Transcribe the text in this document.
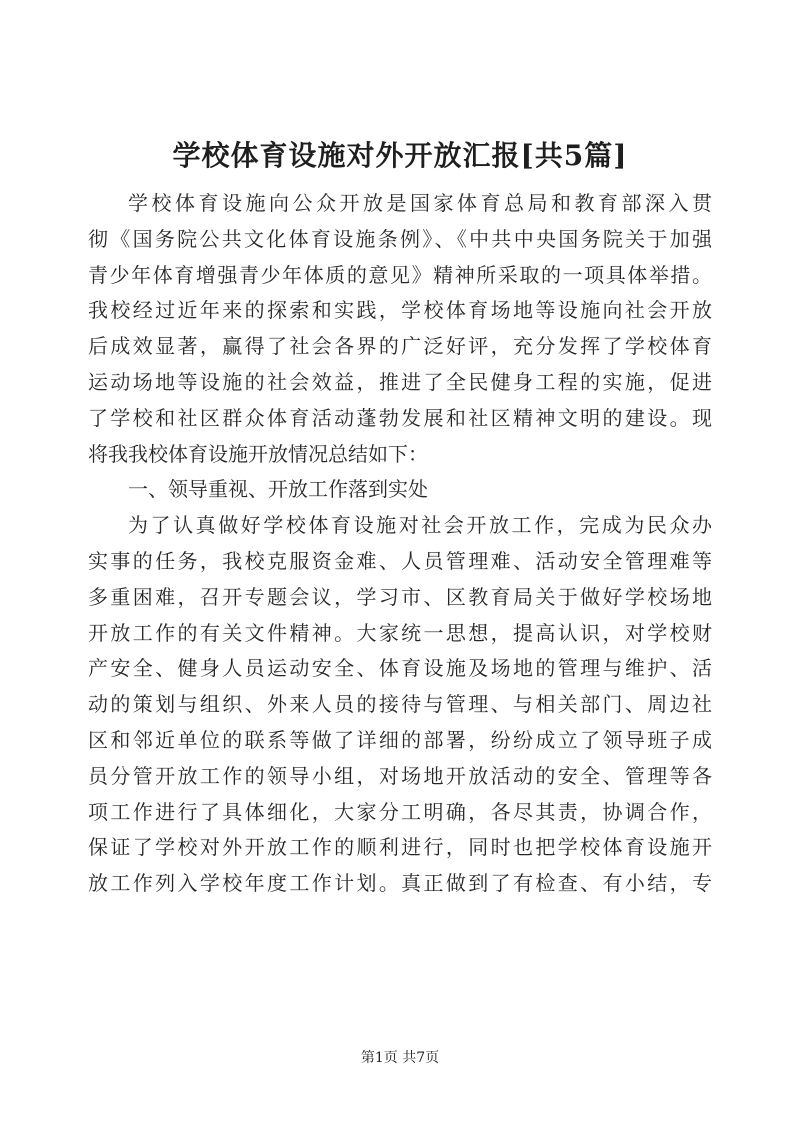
学校体育设施对外开放汇报[共5篇]
学校体育设施向公众开放是国家体育总局和教育部深入贯
彻《国务院公共文化体育设施条例》、《中共中央国务院关于加强
青少年体育增强青少年体质的意见》精神所采取的一项具体举措。
我校经过近年来的探索和实践，学校体育场地等设施向社会开放
后成效显著，赢得了社会各界的广泛好评，充分发挥了学校体育
运动场地等设施的社会效益，推进了全民健身工程的实施，促进
了学校和社区群众体育活动蓬勃发展和社区精神文明的建设。现
将我我校体育设施开放情况总结如下：
一、领导重视、开放工作落到实处
为了认真做好学校体育设施对社会开放工作，完成为民众办
实事的任务，我校克服资金难、人员管理难、活动安全管理难等
多重困难，召开专题会议，学习市、区教育局关于做好学校场地
开放工作的有关文件精神。大家统一思想，提高认识，对学校财
产安全、健身人员运动安全、体育设施及场地的管理与维护、活
动的策划与组织、外来人员的接待与管理、与相关部门、周边社
区和邻近单位的联系等做了详细的部署，纷纷成立了领导班子成
员分管开放工作的领导小组，对场地开放活动的安全、管理等各
项工作进行了具体细化，大家分工明确，各尽其责，协调合作，
保证了学校对外开放工作的顺利进行，同时也把学校体育设施开
放工作列入学校年度工作计划。真正做到了有检查、有小结，专
第1页 共7页
